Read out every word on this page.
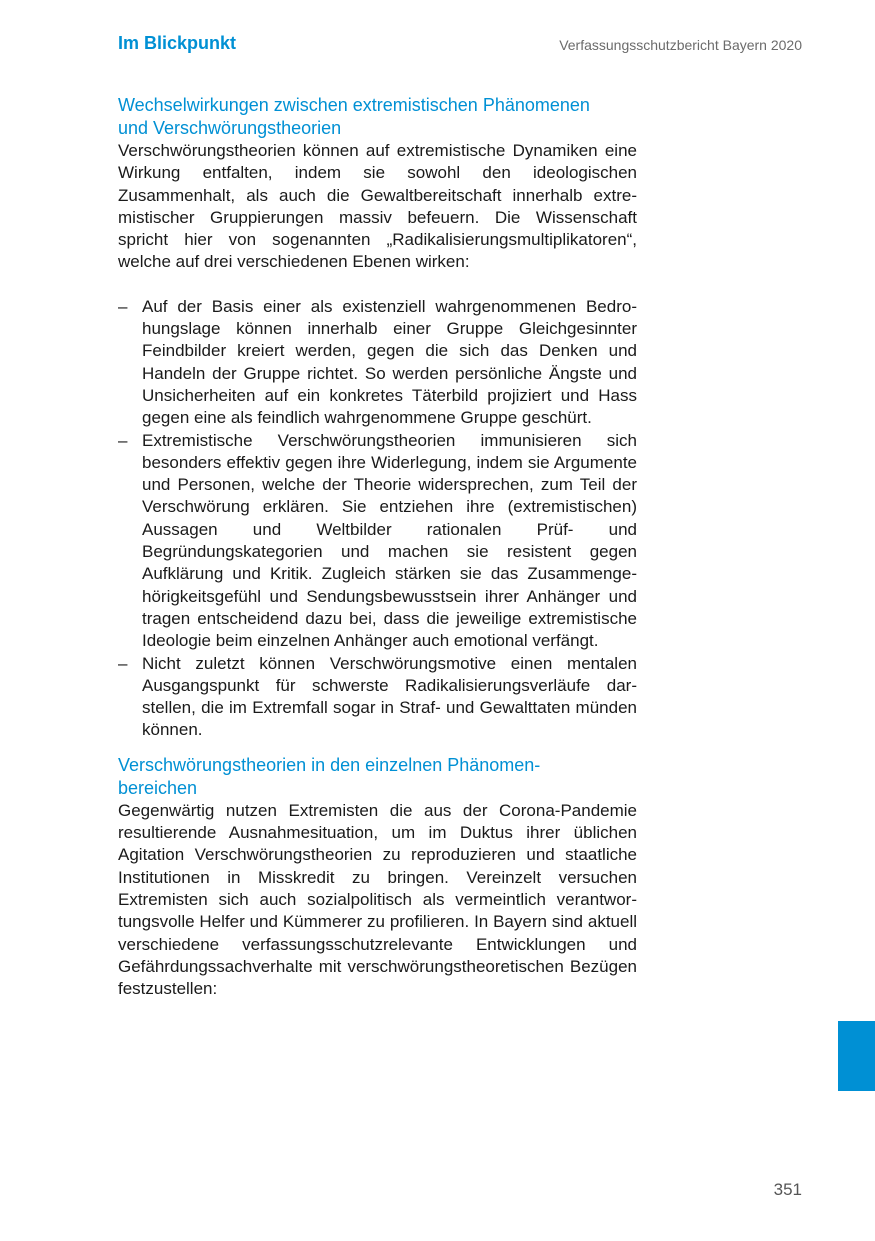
Im Blickpunkt	Verfassungsschutzbericht Bayern 2020
Wechselwirkungen zwischen extremistischen Phänomenen
und Verschwörungstheorien

Verschwörungstheorien können auf extremistische Dynamiken eine Wirkung entfalten, indem sie sowohl den ideologischen Zusammenhalt, als auch die Gewaltbereitschaft innerhalb extremistischer Gruppierungen massiv befeuern. Die Wissenschaft spricht hier von sogenannten „Radikalisierungsmultiplikatoren“, welche auf drei verschiedenen Ebenen wirken:

– Auf der Basis einer als existenziell wahrgenommenen Bedrohungslage können innerhalb einer Gruppe Gleichgesinnter Feindbilder kreiert werden, gegen die sich das Denken und Handeln der Gruppe richtet. So werden persönliche Ängste und Unsicherheiten auf ein konkretes Täterbild projiziert und Hass gegen eine als feindlich wahrgenommene Gruppe geschürt.
– Extremistische Verschwörungstheorien immunisieren sich besonders effektiv gegen ihre Widerlegung, indem sie Argumente und Personen, welche der Theorie widersprechen, zum Teil der Verschwörung erklären. Sie entziehen ihre (extremistischen) Aussagen und Weltbilder rationalen Prüf- und Begründungskategorien und machen sie resistent gegen Aufklärung und Kritik. Zugleich stärken sie das Zusammengehörigkeitsgefühl und Sendungsbewusstsein ihrer Anhänger und tragen entscheidend dazu bei, dass die jeweilige extremistische Ideologie beim einzelnen Anhänger auch emotional verfängt.
– Nicht zuletzt können Verschwörungsmotive einen mentalen Ausgangspunkt für schwerste Radikalisierungsverläufe darstellen, die im Extremfall sogar in Straf- und Gewalttaten münden können.
Verschwörungstheorien in den einzelnen Phänomen-
bereichen

Gegenwärtig nutzen Extremisten die aus der Corona-Pandemie resultierende Ausnahmesituation, um im Duktus ihrer üblichen Agitation Verschwörungstheorien zu reproduzieren und staatliche Institutionen in Misskredit zu bringen. Vereinzelt versuchen Extremisten sich auch sozialpolitisch als vermeintlich verantwortungsvolle Helfer und Kümmerer zu profilieren. In Bayern sind aktuell verschiedene verfassungsschutzrelevante Entwicklungen und Gefährdungssachverhalte mit verschwörungstheoretischen Bezügen festzustellen:

351
